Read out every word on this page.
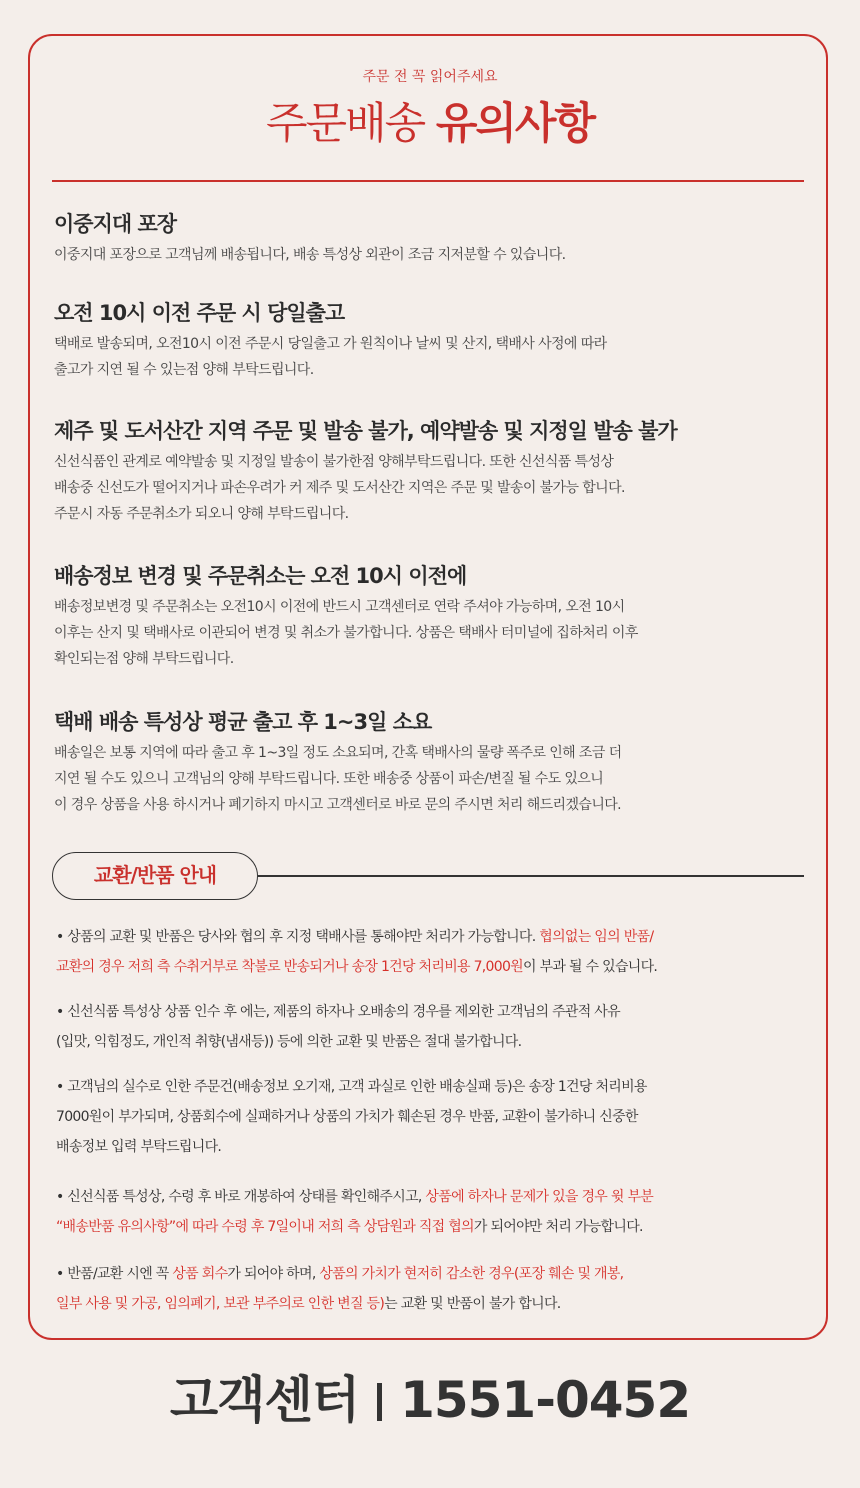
주문 전 꼭 읽어주세요
주문배송 유의사항
이중지대 포장
이중지대 포장으로 고객님께 배송됩니다, 배송 특성상 외관이 조금 지저분할 수 있습니다.
오전 10시 이전 주문 시 당일출고
택배로 발송되며, 오전10시 이전 주문시 당일출고 가 원칙이나 날씨 및 산지, 택배사 사정에 따라
출고가 지연 될 수 있는점 양해 부탁드립니다.
제주 및 도서산간 지역 주문 및 발송 불가, 예약발송 및 지정일 발송 불가
신선식품인 관계로 예약발송 및 지정일 발송이 불가한점 양해부탁드립니다. 또한 신선식품 특성상
배송중 신선도가 떨어지거나 파손우려가 커 제주 및 도서산간 지역은 주문 및 발송이 불가능 합니다.
주문시 자동 주문취소가 되오니 양해 부탁드립니다.
배송정보 변경 및 주문취소는 오전 10시 이전에
배송정보변경 및 주문취소는 오전10시 이전에 반드시 고객센터로 연락 주셔야 가능하며, 오전 10시
이후는 산지 및 택배사로 이관되어 변경 및 취소가 불가합니다. 상품은 택배사 터미널에 집하처리 이후
확인되는점 양해 부탁드립니다.
택배 배송 특성상 평균 출고 후 1~3일 소요
배송일은 보통 지역에 따라 출고 후 1~3일 정도 소요되며, 간혹 택배사의 물량 폭주로 인해 조금 더
지연 될 수도 있으니 고객님의 양해 부탁드립니다. 또한 배송중 상품이 파손/변질 될 수도 있으니
이 경우 상품을 사용 하시거나 폐기하지 마시고 고객센터로 바로 문의 주시면 처리 해드리겠습니다.
교환/반품 안내

• 상품의 교환 및 반품은 당사와 협의 후 지정 택배사를 통해야만 처리가 가능합니다. 협의없는 임의 반품/

교환의 경우 저희 측 수취거부로 착불로 반송되거나 송장 1건당 처리비용 7,000원이 부과 될 수 있습니다.

• 신선식품 특성상 상품 인수 후 에는, 제품의 하자나 오배송의 경우를 제외한 고객님의 주관적 사유

(입맛, 익힘정도, 개인적 취향(냄새등)) 등에 의한 교환 및 반품은 절대 불가합니다.

• 고객님의 실수로 인한 주문건(배송정보 오기재, 고객 과실로 인한 배송실패 등)은 송장 1건당 처리비용

7000원이 부가되며, 상품회수에 실패하거나 상품의 가치가 훼손된 경우 반품, 교환이 불가하니 신중한

배송정보 입력 부탁드립니다.

• 신선식품 특성상, 수령 후 바로 개봉하여 상태를 확인해주시고, 상품에 하자나 문제가 있을 경우 윗 부분

“배송반품 유의사항”에 따라 수령 후 7일이내 저희 측 상담원과 직접 협의가 되어야만 처리 가능합니다.

• 반품/교환 시엔 꼭 상품 회수가 되어야 하며, 상품의 가치가 현저히 감소한 경우(포장 훼손 및 개봉,

일부 사용 및 가공, 임의폐기, 보관 부주의로 인한 변질 등)는 교환 및 반품이 불가 합니다.

고객센터 1551-0452
